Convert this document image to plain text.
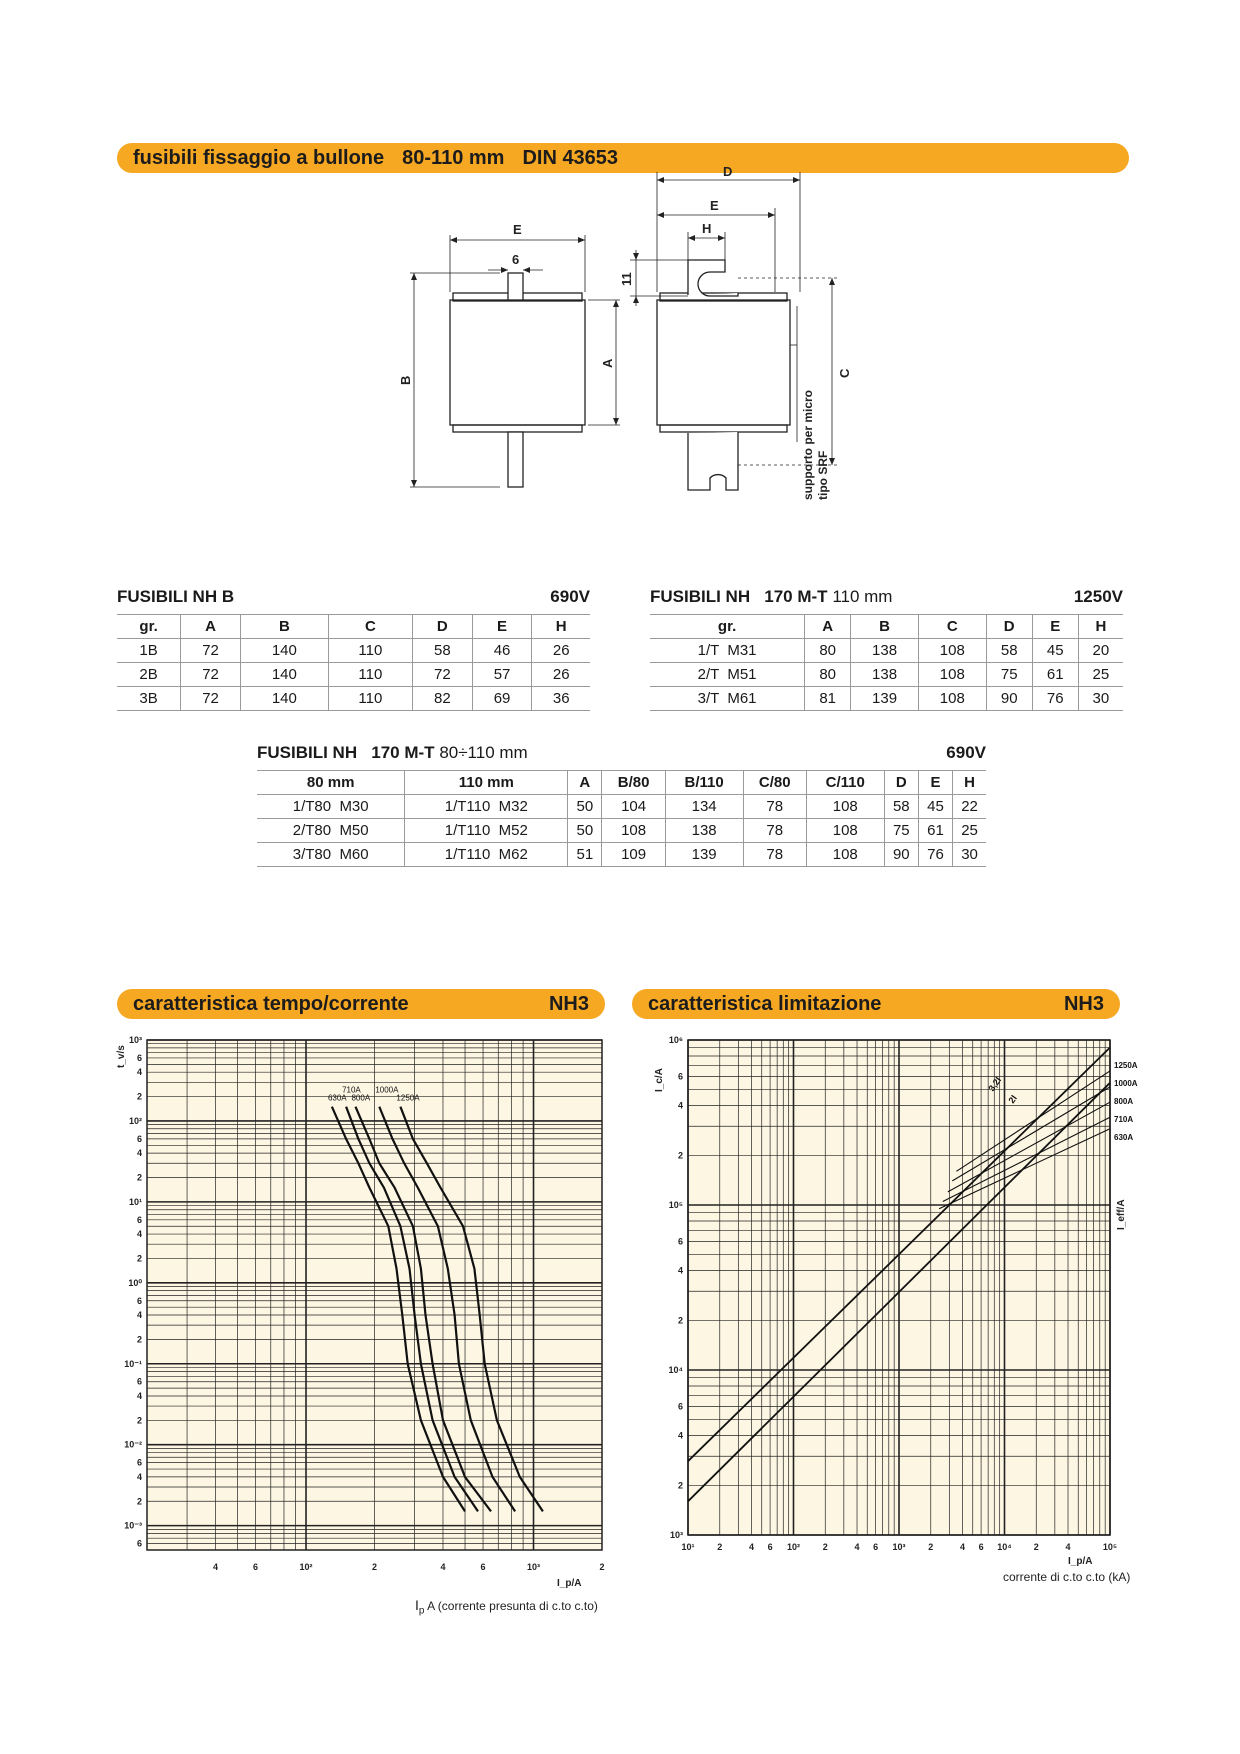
fusibili fissaggio a bullone 80-110 mm DIN 43653
E
6
B
A
D
E
H
11
C
supporto per micro tipo SRF
FUSIBILI NH B	690V
gr.	A	B	C	D	E	H
1B	72	140	110	58	46	26
2B	72	140	110	72	57	26
3B	72	140	110	82	69	36
FUSIBILI NH   170 M-T 110 mm	1250V
gr.	A	B	C	D	E	H
1/T  M31	80	138	108	58	45	20
2/T  M51	80	138	108	75	61	25
3/T  M61	81	139	108	90	76	30
FUSIBILI NH   170 M-T 80÷110 mm	690V
80 mm	110 mm	A	B/80	B/110	C/80	C/110	D	E	H
1/T80  M30	1/T110  M32	50	104	134	78	108	58	45	22
2/T80  M50	1/T110  M52	50	108	138	78	108	75	61	25
3/T80  M60	1/T110  M62	51	109	139	78	108	90	76	30
caratteristica tempo/corrente	NH3	caratteristica limitazione	NH3
4	6	10²	2	4	6	10³	2
10³
6
4
2
10²
6
4
2
10¹
6
4
2
10⁰
6
4
2
10⁻¹
6
4
2
10⁻²
6
4
2
10⁻³
6
t_v/s
I_p/A
630A
710A
800A
1000A
1250A
10¹	2	4 6 10²	2	4 6 10³	2	4 6 10⁴ 2	4	10⁵
10⁶
6
4
2
10⁵
6
4
2
10⁴
6
4
2
10³
I_c/A
I_eff/A
I_p/A
1250A
1000A
800A
710A
630A
3,2I
2I
$I_p$ A (corrente presunta di c.to c.to)
corrente di c.to c.to (kA)
